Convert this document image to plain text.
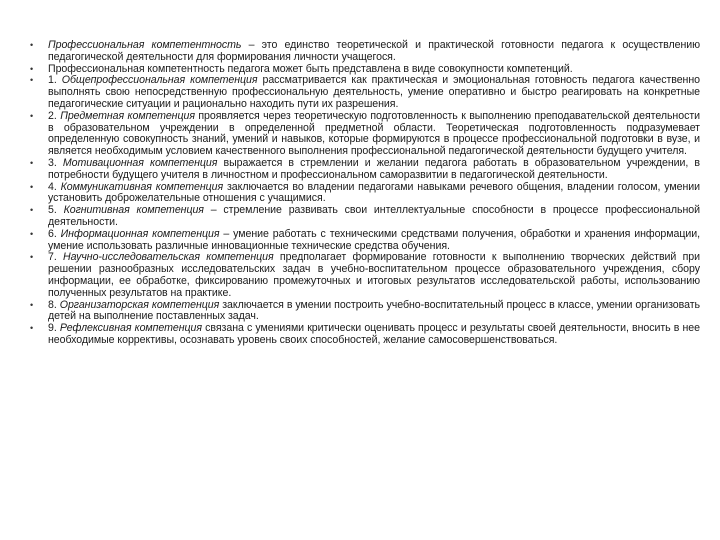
• Профессиональная компетентность – это единство теоретической и практической готовности педагога к осуществлению педагогической деятельности для формирования личности учащегося.
• Профессиональная компетентность педагога может быть представлена в виде совокупности компетенций.
• 1. Общепрофессиональная компетенция рассматривается как практическая и эмоциональная готовность педагога качественно выполнять свою непосредственную профессиональную деятельность, умение оперативно и быстро реагировать на конкретные педагогические ситуации и рационально находить пути их разрешения.
• 2. Предметная компетенция проявляется через теоретическую подготовленность к выполнению преподавательской деятельности в образовательном учреждении в определенной предметной области. Теоретическая подготовленность подразумевает определенную совокупность знаний, умений и навыков, которые формируются в процессе профессиональной подготовки в вузе, и является необходимым условием качественного выполнения профессиональной педагогической деятельности будущего учителя.
• 3. Мотивационная компетенция выражается в стремлении и желании педагога работать в образовательном учреждении, в потребности будущего учителя в личностном и профессиональном саморазвитии в педагогической деятельности.
• 4. Коммуникативная компетенция заключается во владении педагогами навыками речевого общения, владении голосом, умении установить доброжелательные отношения с учащимися.
• 5. Когнитивная компетенция – стремление развивать свои интеллектуальные способности в процессе профессиональной деятельности.
• 6. Информационная компетенция – умение работать с техническими средствами получения, обработки и хранения информации, умение использовать различные инновационные технические средства обучения.
• 7. Научно-исследовательская компетенция предполагает формирование готовности к выполнению творческих действий при решении разнообразных исследовательских задач в учебно-воспитательном процессе образовательного учреждения, сбору информации, ее обработке, фиксированию промежуточных и итоговых результатов исследовательской работы, использованию полученных результатов на практике.
• 8. Организаторская компетенция заключается в умении построить учебно-воспитательный процесс в классе, умении организовать детей на выполнение поставленных задач.
• 9. Рефлексивная компетенция связана с умениями критически оценивать процесс и результаты своей деятельности, вносить в нее необходимые коррективы, осознавать уровень своих способностей, желание самосовершенствоваться.
